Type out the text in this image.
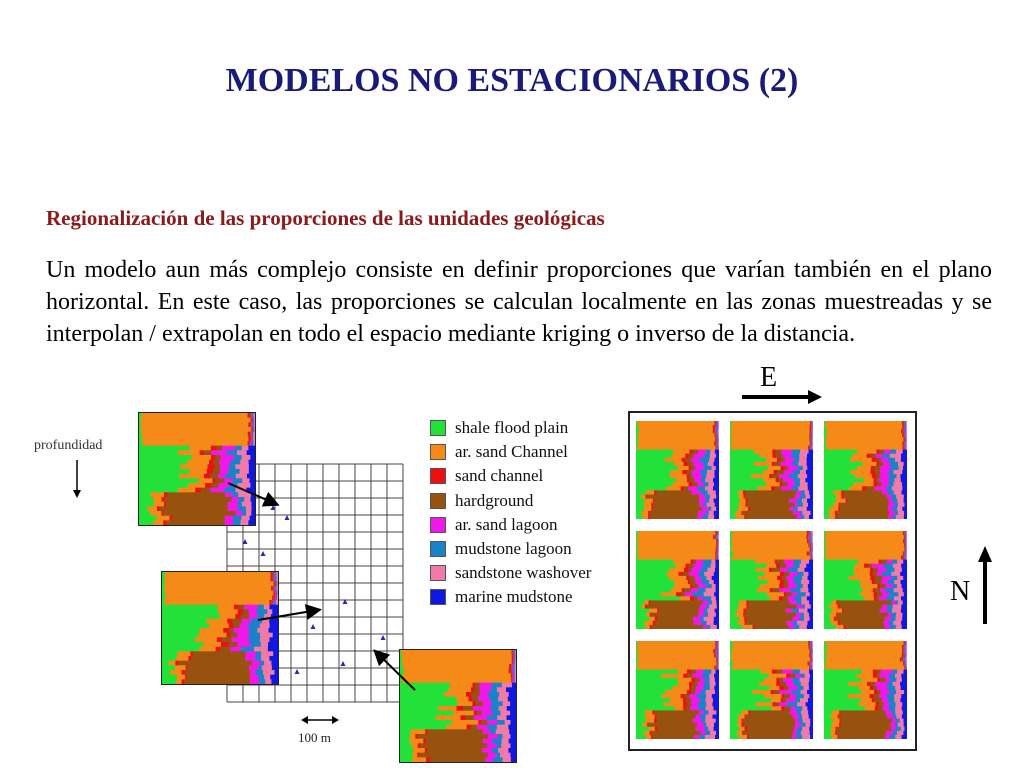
MODELOS NO ESTACIONARIOS (2)
Regionalización de las proporciones de las unidades geológicas
Un modelo aun más complejo consiste en definir proporciones que varían también en el plano horizontal. En este caso, las proporciones se calculan localmente en las zonas muestreadas y se interpolan / extrapolan en todo el espacio mediante kriging o inverso de la distancia.
profundidad
100 m
shale flood plain
ar. sand Channel
sand channel
hardground
ar. sand lagoon
mudstone lagoon
sandstone washover
marine mudstone
E
N
